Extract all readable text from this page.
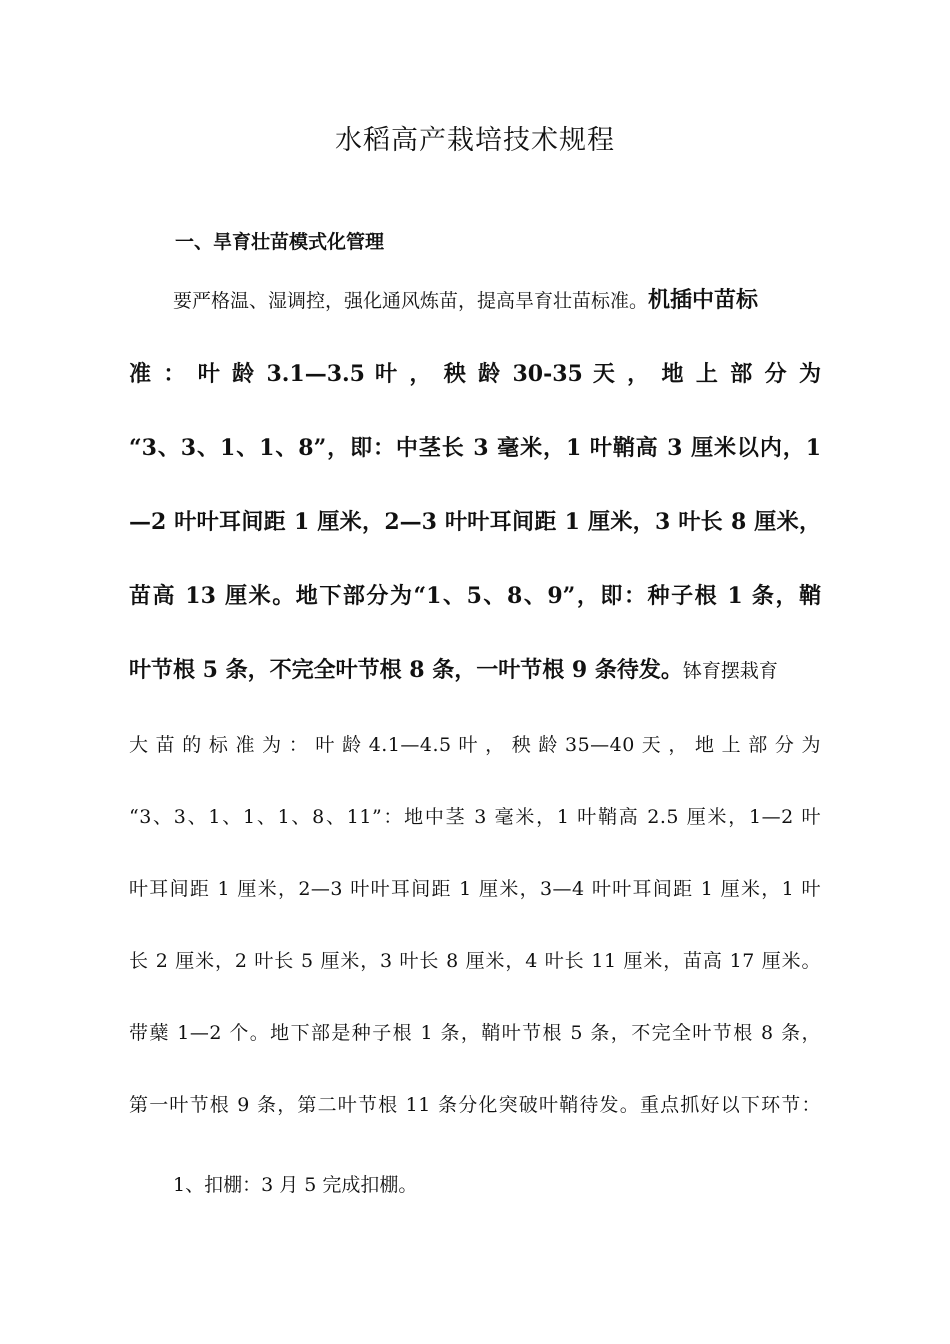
水稻高产栽培技术规程
一、旱育壮苗模式化管理
要严格温、湿调控，强化通风炼苗，提高旱育壮苗标准。机插中苗标
准 ： 叶 龄 3.1—3.5 叶 ， 秧 龄 30-35 天 ， 地 上 部 分 为
“3、3、1、1、8”，即：中茎长 3 毫米，1 叶鞘高 3 厘米以内，1
—2 叶叶耳间距 1 厘米，2—3 叶叶耳间距 1 厘米，3 叶长 8 厘米，
苗高 13 厘米。地下部分为“1、5、8、9”，即：种子根 1 条，鞘
叶节根 5 条，不完全叶节根 8 条，一叶节根 9 条待发。钵育摆栽育
大 苗 的 标 准 为 ： 叶 龄 4.1—4.5 叶 ， 秧 龄 35—40 天 ， 地 上 部 分 为
“3、3、1、1、1、8、11”：地中茎 3 毫米，1 叶鞘高 2.5 厘米，1—2 叶
叶耳间距 1 厘米，2—3 叶叶耳间距 1 厘米，3—4 叶叶耳间距 1 厘米，1 叶
长 2 厘米，2 叶长 5 厘米，3 叶长 8 厘米，4 叶长 11 厘米，苗高 17 厘米。
带蘖 1—2 个。地下部是种子根 1 条，鞘叶节根 5 条，不完全叶节根 8 条，
第一叶节根 9 条，第二叶节根 11 条分化突破叶鞘待发。重点抓好以下环节：
1、扣棚：3 月 5 完成扣棚。
